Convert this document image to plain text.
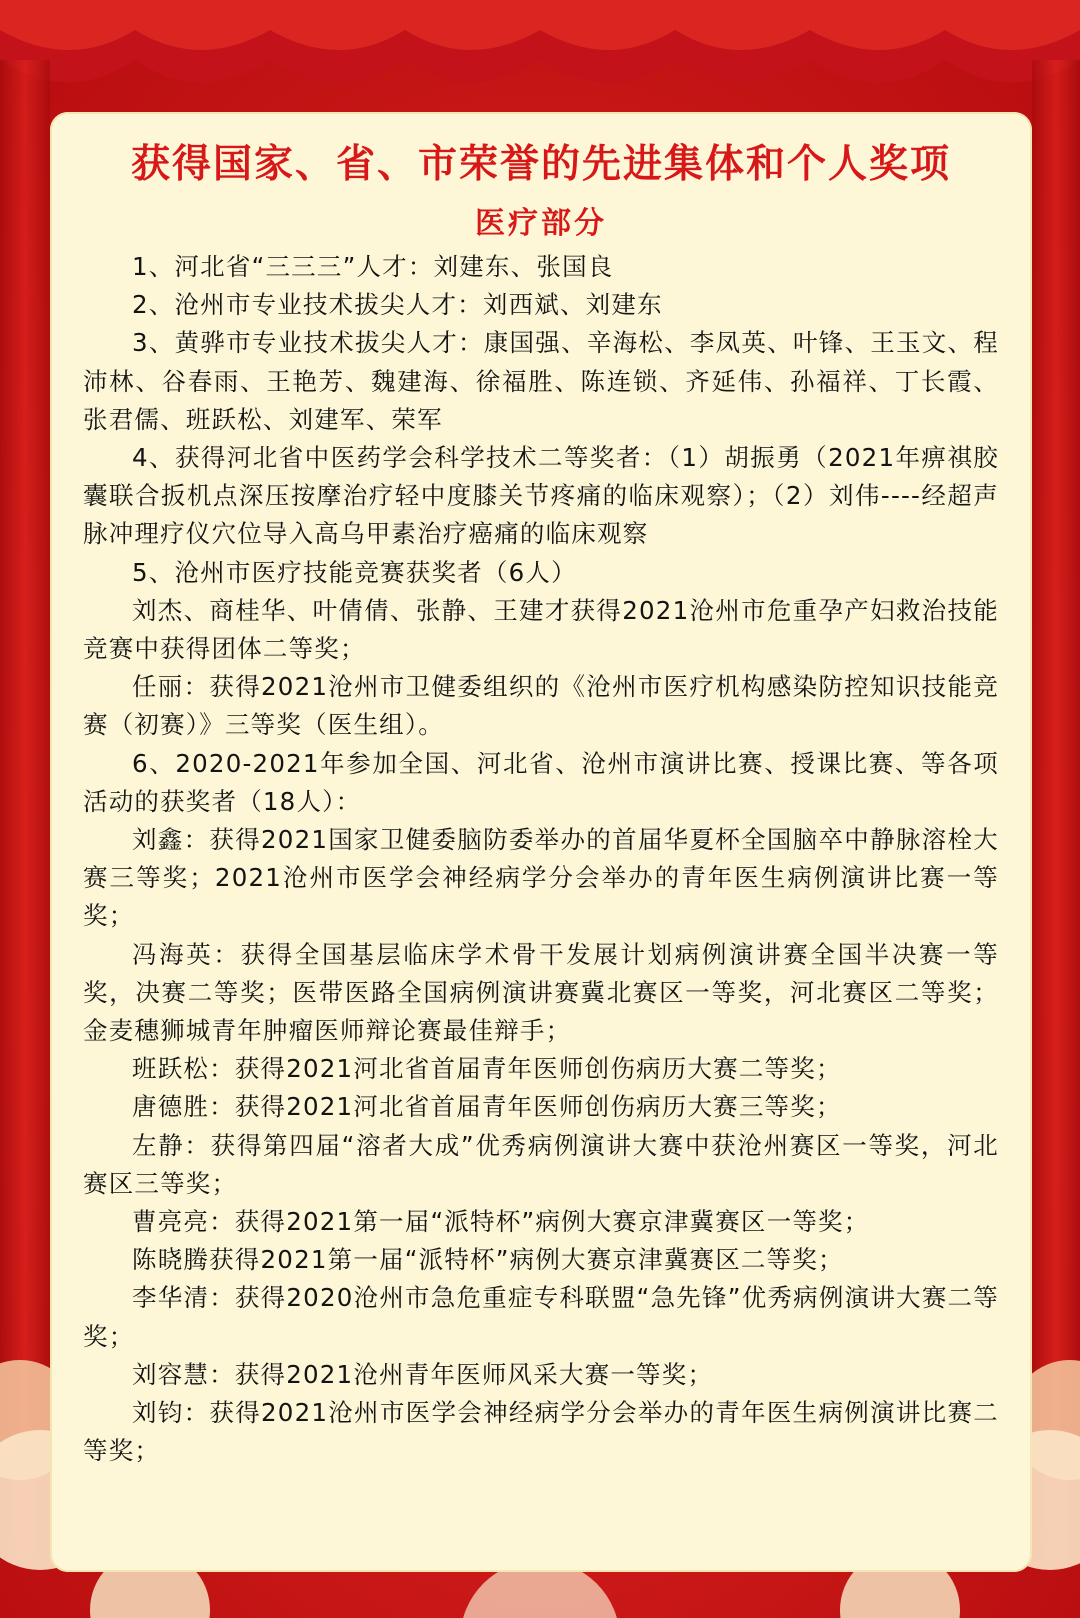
获得国家、省、市荣誉的先进集体和个人奖项
医疗部分

1、河北省“三三三”人才：刘建东、张国良

2、沧州市专业技术拔尖人才：刘西斌、刘建东

3、黄骅市专业技术拔尖人才：康国强、辛海松、李凤英、叶锋、王玉文、程沛林、谷春雨、王艳芳、魏建海、徐福胜、陈连锁、齐延伟、孙福祥、丁长霞、张君儒、班跃松、刘建军、荣军

4、获得河北省中医药学会科学技术二等奖者：（1）胡振勇（2021年痹祺胶囊联合扳机点深压按摩治疗轻中度膝关节疼痛的临床观察）；（2）刘伟----经超声脉冲理疗仪穴位导入高乌甲素治疗癌痛的临床观察

5、沧州市医疗技能竞赛获奖者（6人）

刘杰、商桂华、叶倩倩、张静、王建才获得2021沧州市危重孕产妇救治技能竞赛中获得团体二等奖；

任丽：获得2021沧州市卫健委组织的《沧州市医疗机构感染防控知识技能竞赛（初赛）》三等奖（医生组）。

6、2020-2021年参加全国、河北省、沧州市演讲比赛、授课比赛、等各项活动的获奖者（18人）：

刘鑫：获得2021国家卫健委脑防委举办的首届华夏杯全国脑卒中静脉溶栓大赛三等奖；2021沧州市医学会神经病学分会举办的青年医生病例演讲比赛一等奖；

冯海英：获得全国基层临床学术骨干发展计划病例演讲赛全国半决赛一等奖，决赛二等奖；医带医路全国病例演讲赛冀北赛区一等奖，河北赛区二等奖；金麦穗狮城青年肿瘤医师辩论赛最佳辩手；

班跃松：获得2021河北省首届青年医师创伤病历大赛二等奖；

唐德胜：获得2021河北省首届青年医师创伤病历大赛三等奖；

左静：获得第四届“溶者大成”优秀病例演讲大赛中获沧州赛区一等奖，河北赛区三等奖；

曹亮亮：获得2021第一届“派特杯”病例大赛京津冀赛区一等奖；

陈晓腾获得2021第一届“派特杯”病例大赛京津冀赛区二等奖；

李华清：获得2020沧州市急危重症专科联盟“急先锋”优秀病例演讲大赛二等奖；

刘容慧：获得2021沧州青年医师风采大赛一等奖；

刘钧：获得2021沧州市医学会神经病学分会举办的青年医生病例演讲比赛二等奖；
